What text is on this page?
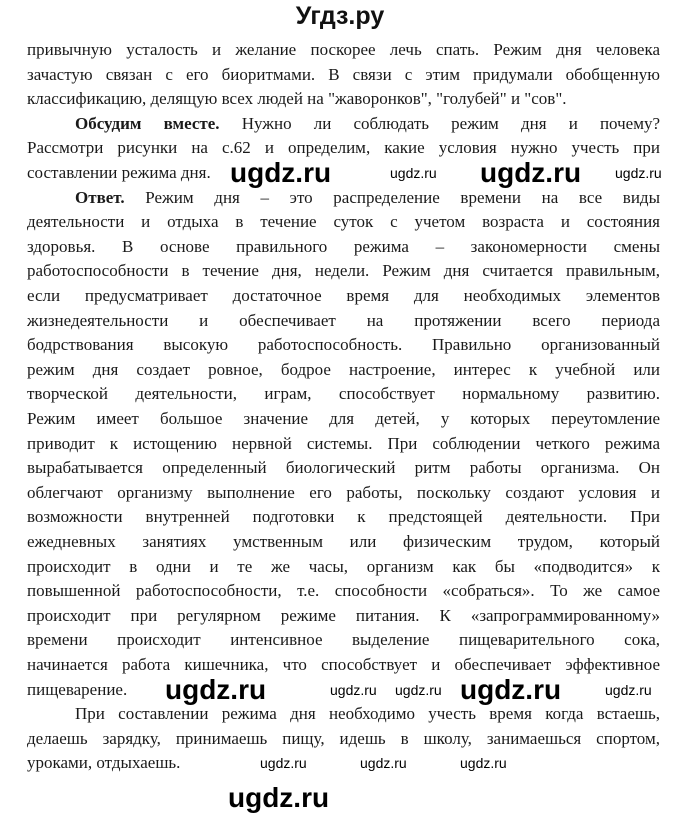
Угдз.ру
привычную усталость и желание поскорее лечь спать. Режим дня человека
зачастую связан с его биоритмами. В связи с этим придумали обобщенную
классификацию, делящую всех людей на "жаворонков", "голубей" и "сов".
Обсудим вместе. Нужно ли соблюдать режим дня и почему?
Рассмотри рисунки на с.62 и определим, какие условия нужно учесть при
составлении режима дня.
Ответ. Режим дня – это распределение времени на все виды
деятельности и отдыха в течение суток с учетом возраста и состояния
здоровья. В основе правильного режима – закономерности смены
работоспособности в течение дня, недели. Режим дня считается правильным,
если предусматривает достаточное время для необходимых элементов
жизнедеятельности и обеспечивает на протяжении всего периода
бодрствования высокую работоспособность. Правильно организованный
режим дня создает ровное, бодрое настроение, интерес к учебной или
творческой деятельности, играм, способствует нормальному развитию.
Режим имеет большое значение для детей, у которых переутомление
приводит к истощению нервной системы. При соблюдении четкого режима
вырабатывается определенный биологический ритм работы организма. Он
облегчают организму выполнение его работы, поскольку создают условия и
возможности внутренней подготовки к предстоящей деятельности. При
ежедневных занятиях умственным или физическим трудом, который
происходит в одни и те же часы, организм как бы «подводится» к
повышенной работоспособности, т.е. способности «собраться». То же самое
происходит при регулярном режиме питания. К «запрограммированному»
времени происходит интенсивное выделение пищеварительного сока,
начинается работа кишечника, что способствует и обеспечивает эффективное
пищеварение.
При составлении режима дня необходимо учесть время когда встаешь,
делаешь зарядку, принимаешь пищу, идешь в школу, занимаешься спортом,
уроками, отдыхаешь.
ugdz.ru	ugdz.ru
ugdz.ru	ugdz.ru
ugdz.ru	ugdz.ru
ugdz.ru ugdz.ru	ugdz.ru
ugdz.ru	ugdz.ru	ugdz.ru
ugdz.ru
